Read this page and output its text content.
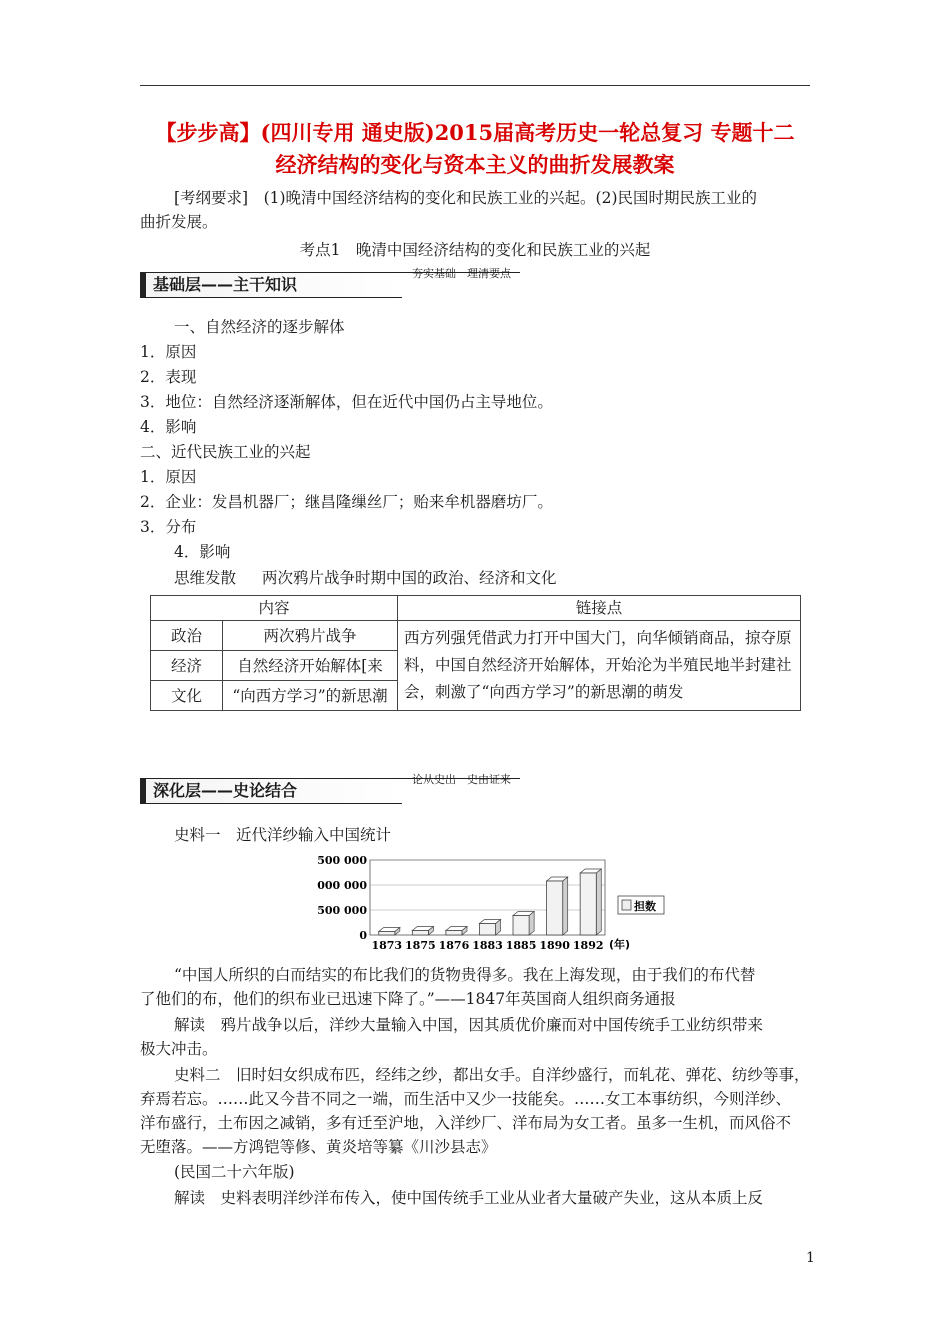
【步步高】(四川专用 通史版)2015届高考历史一轮总复习 专题十二
经济结构的变化与资本主义的曲折发展教案
[考纲要求]　(1)晚清中国经济结构的变化和民族工业的兴起。(2)民国时期民族工业的
曲折发展。
考点1　晚清中国经济结构的变化和民族工业的兴起
基础层——主干知识
夯实基础　理清要点
一、自然经济的逐步解体
1．原因
2．表现
3．地位：自然经济逐渐解体，但在近代中国仍占主导地位。
4．影响
二、近代民族工业的兴起
1．原因
2．企业：发昌机器厂；继昌隆缫丝厂；贻来牟机器磨坊厂。
3．分布
4．影响
思维发散 两次鸦片战争时期中国的政治、经济和文化
内容		链接点
政治	两次鸦片战争	西方列强凭借武力打开中国大门，向华倾销商品，掠夺原料，中国自然经济开始解体，开始沦为半殖民地半封建社会，刺激了“向西方学习”的新思潮的萌发
经济	自然经济开始解体[来	
文化	“向西方学习”的新思潮	
深化层——史论结合
论从史出　史由证来
史料一　近代洋纱输入中国统计
0
500 000
000 000
500 000
1873 1875 1876 1883 1885 1890 1892 (年)
担数
“中国人所织的白而结实的布比我们的货物贵得多。我在上海发现，由于我们的布代替
了他们的布，他们的织布业已迅速下降了。”——1847年英国商人组织商务通报
解读　鸦片战争以后，洋纱大量输入中国，因其质优价廉而对中国传统手工业纺织带来
极大冲击。
史料二　旧时妇女织成布匹，经纬之纱，都出女手。自洋纱盛行，而轧花、弹花、纺纱等事，
弃焉若忘。……此又今昔不同之一端，而生活中又少一技能矣。……女工本事纺织，今则洋纱、
洋布盛行，土布因之减销，多有迁至沪地，入洋纱厂、洋布局为女工者。虽多一生机，而风俗不
无堕落。——方鸿铠等修、黄炎培等纂《川沙县志》
(民国二十六年版)
解读　史料表明洋纱洋布传入，使中国传统手工业从业者大量破产失业，这从本质上反
1
